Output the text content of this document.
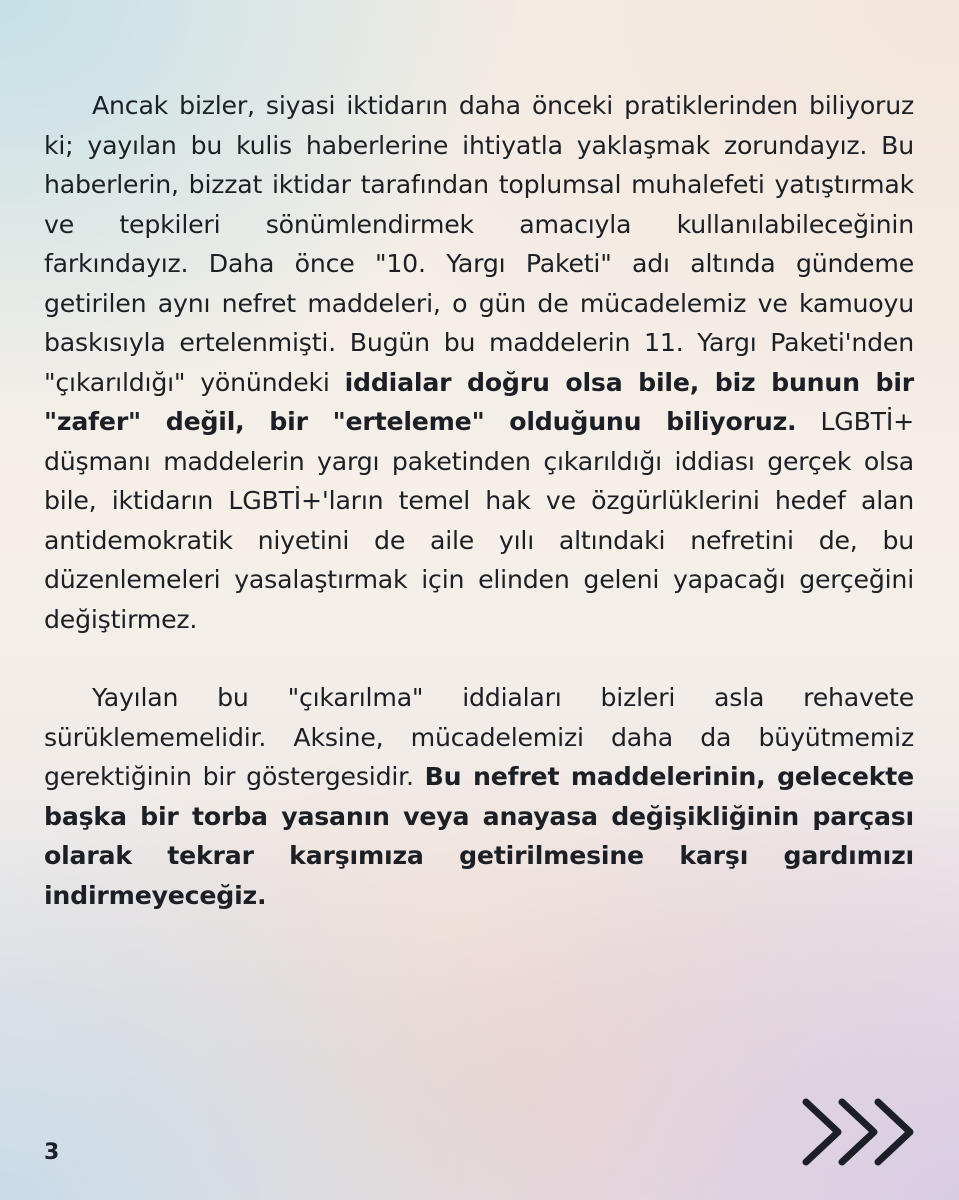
Ancak bizler, siyasi iktidarın daha önceki pratiklerinden biliyoruz ki; yayılan bu kulis haberlerine ihtiyatla yaklaşmak zorundayız. Bu haberlerin, bizzat iktidar tarafından toplumsal muhalefeti yatıştırmak ve tepkileri sönümlendirmek amacıyla kullanılabileceğinin farkındayız. Daha önce "10. Yargı Paketi" adı altında gündeme getirilen aynı nefret maddeleri, o gün de mücadelemiz ve kamuoyu baskısıyla ertelenmişti. Bugün bu maddelerin 11. Yargı Paketi'nden "çıkarıldığı" yönündeki iddialar doğru olsa bile, biz bunun bir "zafer" değil, bir "erteleme" olduğunu biliyoruz. LGBTİ+ düşmanı maddelerin yargı paketinden çıkarıldığı iddiası gerçek olsa bile, iktidarın LGBTİ+'ların temel hak ve özgürlüklerini hedef alan antidemokratik niyetini de aile yılı altındaki nefretini de, bu düzenlemeleri yasalaştırmak için elinden geleni yapacağı gerçeğini değiştirmez.

Yayılan bu "çıkarılma" iddiaları bizleri asla rehavete sürüklememelidir. Aksine, mücadelemizi daha da büyütmemiz gerektiğinin bir göstergesidir. Bu nefret maddelerinin, gelecekte başka bir torba yasanın veya anayasa değişikliğinin parçası olarak tekrar karşımıza getirilmesine karşı gardımızı indirmeyeceğiz.

3
